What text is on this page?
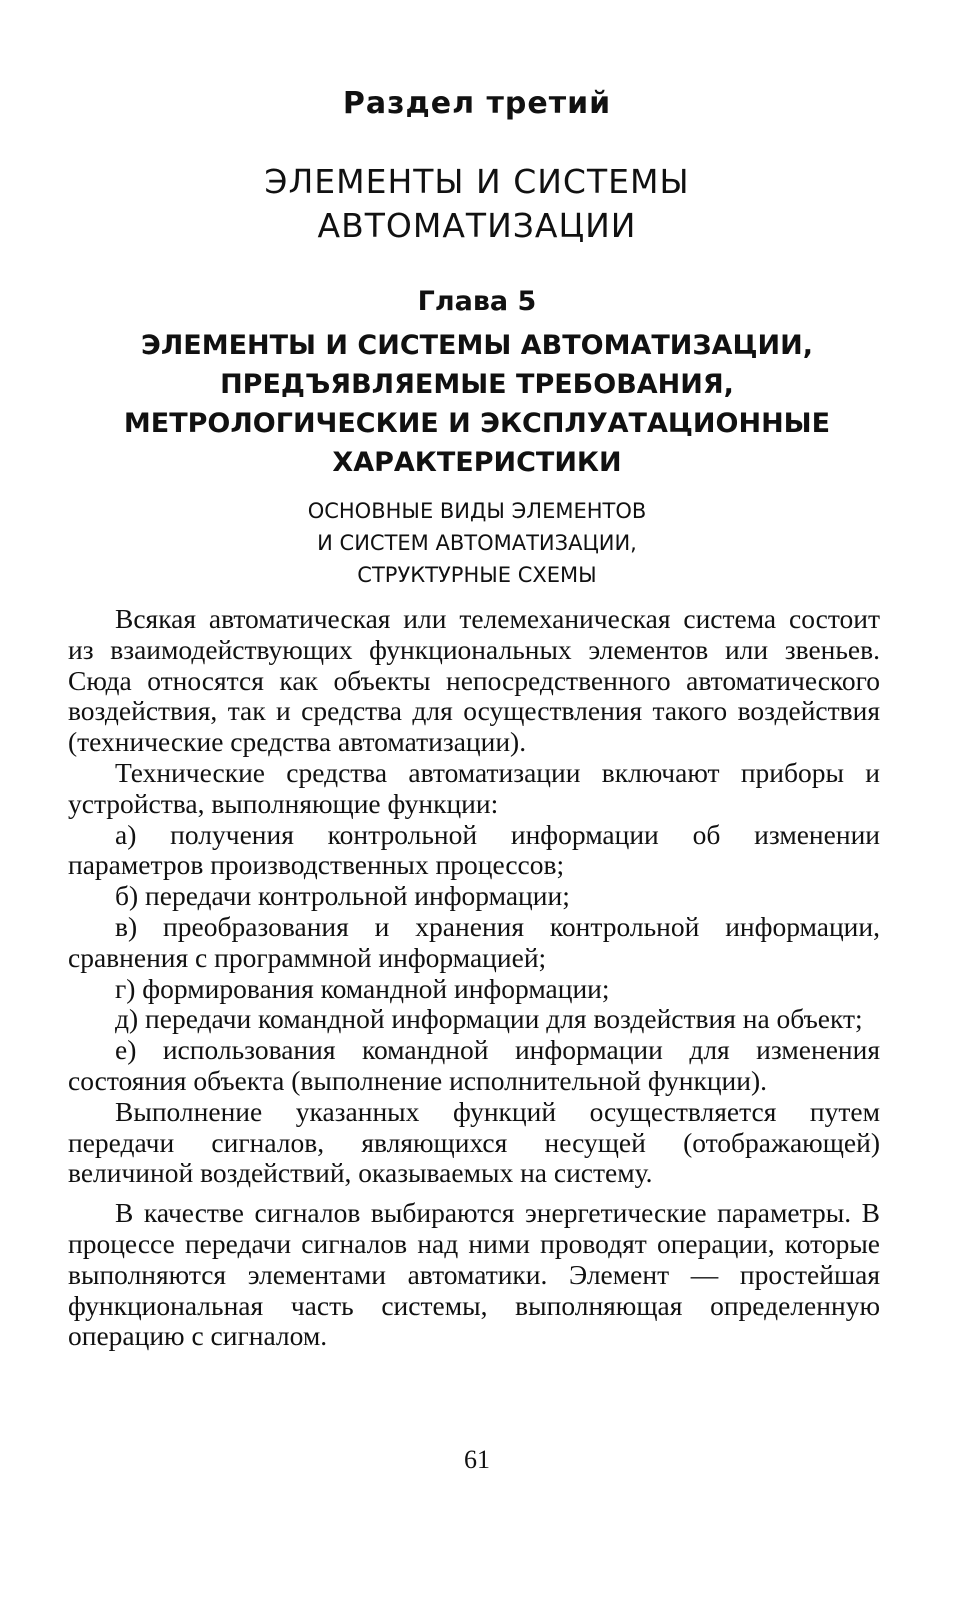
Раздел третий
ЭЛЕМЕНТЫ И СИСТЕМЫ
АВТОМАТИЗАЦИИ
Глава 5
ЭЛЕМЕНТЫ И СИСТЕМЫ АВТОМАТИЗАЦИИ,
ПРЕДЪЯВЛЯЕМЫЕ ТРЕБОВАНИЯ,
МЕТРОЛОГИЧЕСКИЕ И ЭКСПЛУАТАЦИОННЫЕ
ХАРАКТЕРИСТИКИ
ОСНОВНЫЕ ВИДЫ ЭЛЕМЕНТОВ
И СИСТЕМ АВТОМАТИЗАЦИИ,
СТРУКТУРНЫЕ СХЕМЫ

Всякая автоматическая или телемеханическая система состоит из взаимодействующих функциональных элементов или звеньев. Сюда относятся как объекты непосредственного автоматического воздействия, так и средства для осуществления такого воздействия (технические средства автоматизации).

Технические средства автоматизации включают приборы и устройства, выполняющие функции:

а) получения контрольной информации об изменении параметров производственных процессов;

б) передачи контрольной информации;

в) преобразования и хранения контрольной информации, сравнения с программной информацией;

г) формирования командной информации;

д) передачи командной информации для воздействия на объект;

е) использования командной информации для изменения состояния объекта (выполнение исполнительной функции).

Выполнение указанных функций осуществляется путем передачи сигналов, являющихся несущей (отображающей) величиной воздействий, оказываемых на систему.

В качестве сигналов выбираются энергетические параметры. В процессе передачи сигналов над ними проводят операции, которые выполняются элементами автоматики. Элемент — простейшая функциональная часть системы, выполняющая определенную операцию с сигналом.

61
